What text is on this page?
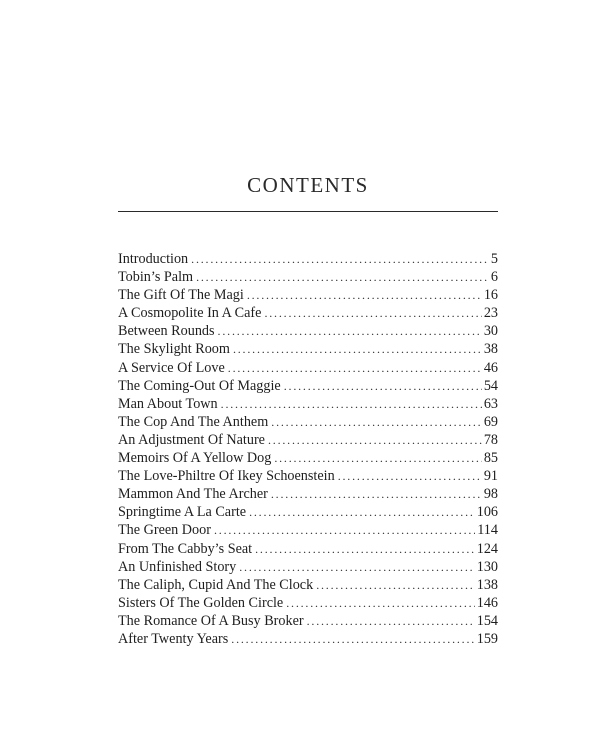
CONTENTS
Introduction . . .	5
Tobin’s Palm . . .	6
The Gift Of The Magi . . .	16
A Cosmopolite In A Cafe . . .	23
Between Rounds . . .	30
The Skylight Room . . .	38
A Service Of Love . . .	46
The Coming-Out Of Maggie . . .	54
Man About Town . . .	63
The Cop And The Anthem . . .	69
An Adjustment Of Nature . . .	78
Memoirs Of A Yellow Dog . . .	85
The Love-Philtre Of Ikey Schoenstein . . .	91
Mammon And The Archer . . .	98
Springtime A La Carte . . .	106
The Green Door . . .	114
From The Cabby’s Seat . . .	124
An Unfinished Story . . .	130
The Caliph, Cupid And The Clock . . .	138
Sisters Of The Golden Circle . . .	146
The Romance Of A Busy Broker . . .	154
After Twenty Years . . .	159
